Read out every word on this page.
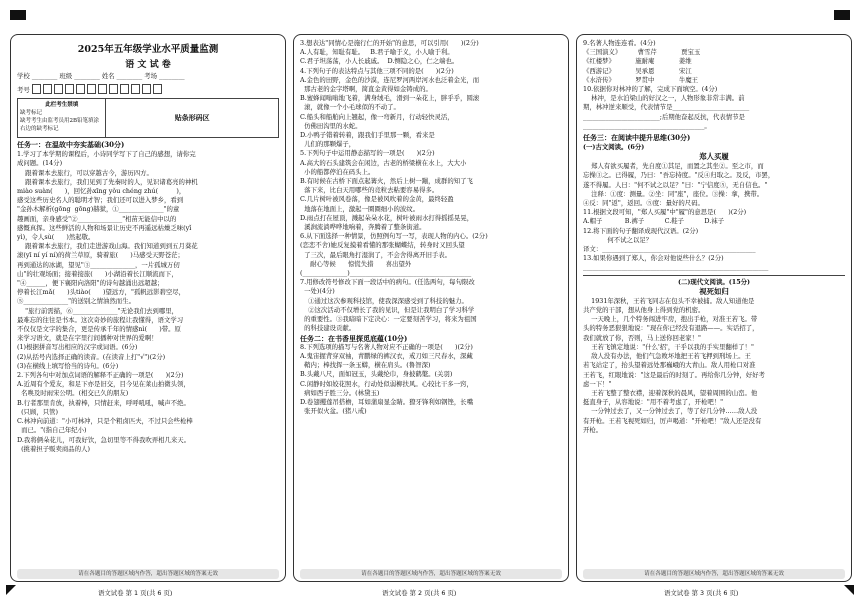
2025年五年级学业水平质量监测
语 文 试 卷
学校 ________ 班级 ________ 姓名 ________ 考场 ________
考号
此栏考生禁填
缺考标记
缺考考生由监考员用2B铅笔填涂右边的缺考标记
贴条形码区
任务一：在温故中夯实基础(30分)
1.学习了本学期的课程后，小诗同学写下了自己的感想，请你完
成问题。(14分)
跟着课本去旅行，可以穿越古今，游历四方。
跟着课本去旅行，我们见到了先秦时的人，见识诸葛亮的神机
miào suàn(      )，回忆孙xīng yǒu chéng zhú(         )，
感受这些历史名人的聪明才智；我们还可以进入梦乡，看到
"金孙木解析(gōng  gōng)赫狱，①______________"的童
趣画面，亲身感受"②______________"相苗无能信中以的
感慨真挥。这些鲜活的人物和场景让历史不再遥远枯燥乏味(yǐ
yì)，令人sù(      )然起敬。
跟着课本去旅行，我们走进游戏山海。我们知道到到五月葵花
滚(yī ní yí ní)的荷兰草原，骑着旅(      )马感受天野苍茫；
再到通达的冰湖，望见"③______________，一片孤城万仞
山"的壮观场面；接着接旅(      )小湖沿着长江顺流而下，
"④______，便下襄阳向洛阳"的诗句越涌出远超越；
停着长江mǎ(      )头tiào(      )望远方，"孤帆远影碧空尽，
⑤______________"的送别之情油然而生。
"旅行前需描，⑥______________"无论我们去到哪里，
最难忘的往往是书本。这次奇妙的旅程让我懂得，语文学习
不仅仅是文字的集合，更是传承千年的情感nì(      )带。原
来学习语文，就是在字里行间播种对世界的爱啊！
(1)根据拼音写出相应的汉字或词语。(6分)
(2)从括号内选择正确的读音。(在读音上打"√")(2分)
(3)在横线上填写恰当的诗句。(6分)
2.下列各句中对加点词语的解释不正确的一项是(      )(2分)
A.近周有个爱友，和足下亦是旧交，目今见在莱山拍微头领，
名唤及时雨宋公明。(相交已久的朋友)
B.行者那里肯放，执着棒，只情赶来，呼呼吼吼，喊声不绝。
(只顾，只管)
C.林冲向前道："小可林冲，只是个粗卤匹夫，不过只会些枪棒
而已。"(指自己年纪小)
D.我将俩朵花儿，可我好饮，急切里等不得我吹弄相几来天。
(挑着担子贩卖商品的人)
请在各题目的答题区域内作答，超出答题区域的答案无效
3.想表达"同情心是施行仁的开始"的意思，可以引用(      )(2分)
A.人有耻，知耻有耻。   B.君子喻于义，小人喻于利。
C.君子坦荡荡，小人长戚戚。  D.恻隐之心，仁之端也。
4.下列句子的表达特点与其他三项不同的是(      )(2分)
A.金色的田野，金色的沙漠，连尼罗河两岸河水也泛着金光，而
那古老的金字塔啊，简直金黄得如金铸成的。
B.蜜蜂闻嗡嗡地飞着，满身绒毛，滑到一朵花上，胖乎乎，圆滚
滚，就像一个小毛球似的不动了。
C.船头和船舶向上翘起，像一弯新月，行动轻快灵活，
仿佛田沟里的水蛇。
D.小鸭子错着转着，跟我们手里那一颗，看来是
儿们的那颗爆子，
5.下列句子中运用静态描写的一项是(      )(2分)
A.高大的石头建筑会在闲边，古老的桥梁横在水上，大大小
小的船都停泊在码头上。
B.有时候在古桥下面点起篝火，然后上树一蹦，成群的知了飞
落下来，比白天用哪些的竞粒去粘要容易得多。
C.几片树叶被风卷落，像是被风吹着的金黄，最终轻盈
地落在地面上，激起一圈圈细小的波纹。
D.雨点打在屋顶，溅起朵朵水花，树叶被雨水打得摇摇晃晃，
溪涧流淌哗哗地响着，奔腾着了整条街道。
6.从下面选择一种情景，仿照例句写一写，表现人物的内心。(2分)
(恋恋不舍)她反复摸着看懂的那张蝴蝶结，转身时又回头望
了三次，最后眼角打湿润了，不会舍得离开旧手表。
耐心等候      惊慌失措      喜出望外
(______________)______________________________________
7.用修改符号修改下面一段话中的病句。(任选两句，每句限改
一处)(4分)
①通过这次参观科技馆，使我深深感受到了科技的魅力。
②这次活动不仅增长了我的见识，但是让我明白了学习科学
的重要性。③我暗暗下定决心：一定要刻苦学习，将来为祖国
的科技建设贡献。
任务二：在书香里探觅底蕴(10分)
8.下列选项的描写与名著人物对应不正确的一项是(      )(2分)
A.鬼宙握背穿双袖，青鹏绿的裤汉衣，戒刀如三尺春水，深藏
鞘内；棒找挥一条玉蟒，横在肩头。(鲁智深)
B.头戴八尺，面如冠玉，头戴纶巾，身披鹤氅。(关羽)
C.闲静时如姣花照水，行动处似弱柳扶风。心较比干多一窍，
病如西子胜三分。(林黛玉)
D.卷翅攫莲吊搭檐，耳如蒲扇显金睛。獠牙锋利如钢锉，长嘴
张开似火盆。(猪八戒)
请在各题目的答题区域内作答，超出答题区域的答案无效
9.名著人物连连看。(4分)
《三国演义》        曹雪芹            贾宝玉
《红楼梦》          施耐庵            姜维
《西游记》          吴承恩            宋江
《水浒传》          罗贯中            牛魔王
10.依据你对林冲的了解，完成下面填空。(4分)
林冲，是水泊梁山的好汉之一，人物形象非常丰满。前
期，林冲逆来顺受，代表情节是________________________
________________________;后期他奋起反抗，代表情节是
______________________________________。
任务三：在阅读中提升思维(30分)
(一)古文阅读。(6分)
郑人买履
郑人有欲买履者，先自度①其足，而置之其坐②。至之市，而
忘操③之。已得履，乃曰："吾忘持度。"反④归取之。及反，市罢，
遂不得履。人曰："何不试之以足？"曰："宁信度⑤，无自信也。"
注释：①度：测量。②坐：同"座"，座位。③操：拿，携带。
④反：同"返"，返回。⑤度：量好的尺码。
11.根据文段可知，"郑人买履"中"履"的意思是(      )(2分)
A.帽子           B.裤子          C.鞋子          D.袜子
12.将下面的句子翻译成现代汉语。(2分)
何不试之以足？
译文：________________________________________________
13.如果你遇到了郑人，你会对他说些什么？(2分)
__________________________________________________________
(二)现代文阅读。(15分)
视死如归
1931年深秋，王若飞同志在包头不幸被捕。敌人知道他是
共产党的干部，想从他身上得到党的机密。
一天晚上，几个特务闯进牢房，抱出手枪，对准王若飞。带
头的特务恶狠狠地说："现在你已经没有退路——。实话招了，
我们就放了你，否则，马上送你回老家！"
王若飞镇定地说："什么'招'，干乎以我的手实里翻样了！"
敌人没有办法，他们气急败坏地把王若飞押到刑场上。王
若飞站定了，抬头望着远处那巍峨的大青山。敌人用枪口对准
王若飞，红眼地说："这是最后的时刻了。再给你几分钟，好好考
虑一下！"
王若飞整了整衣襟，迎着深秋的晨风，望着周围的山峦。他
挺直身子，从容地说："用不着考虑了，开枪吧！"
一分钟过去了，又一分钟过去了，等了好几分钟……敌人没
有开枪。王若飞视死如归，厉声喝道："开枪吧！"敌人还是没有
开枪。
请在各题目的答题区域内作答，超出答题区域的答案无效
语文试卷 第 1 页(共 6 页)	语文试卷 第 2 页(共 6 页)	语文试卷 第 3 页(共 6 页)
